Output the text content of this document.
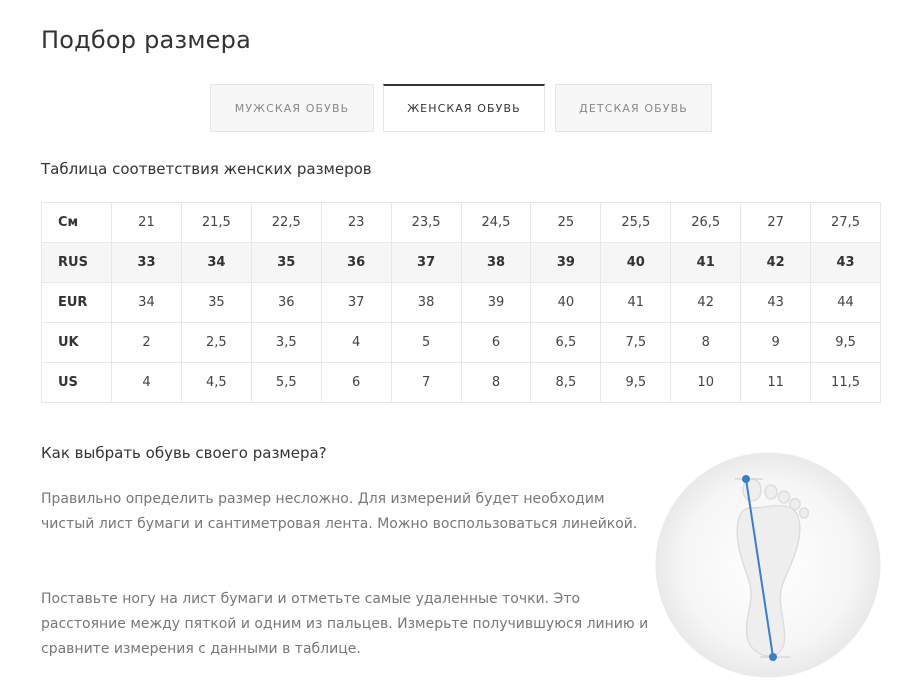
Подбор размера
МУЖСКАЯ ОБУВЬ	ЖЕНСКАЯ ОБУВЬ	ДЕТСКАЯ ОБУВЬ
Таблица соответствия женских размеров
См	21	21,5	22,5	23	23,5	24,5	25	25,5	26,5	27	27,5
RUS	33	34	35	36	37	38	39	40	41	42	43
EUR	34	35	36	37	38	39	40	41	42	43	44
UK	2	2,5	3,5	4	5	6	6,5	7,5	8	9	9,5
US	4	4,5	5,5	6	7	8	8,5	9,5	10	11	11,5
Как выбрать обувь своего размера?

Правильно определить размер несложно. Для измерений будет необходим чистый лист бумаги и сантиметровая лента. Можно воспользоваться линейкой.

Поставьте ногу на лист бумаги и отметьте самые удаленные точки. Это расстояние между пяткой и одним из пальцев. Измерьте получившуюся линию и сравните измерения с данными в таблице.
